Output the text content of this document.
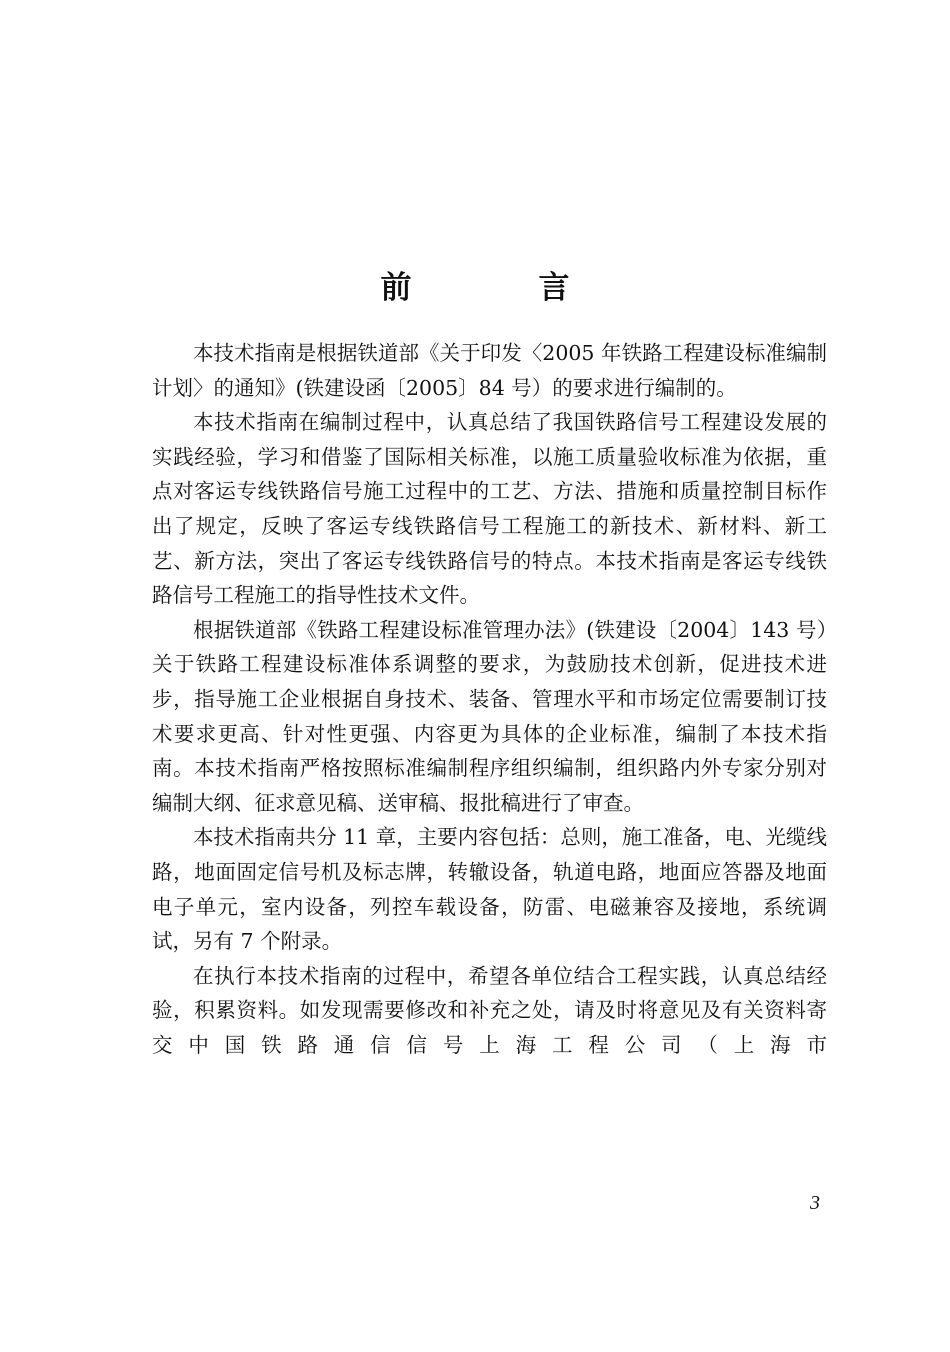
前　言

本技术指南是根据铁道部《关于印发〈2005 年铁路工程建设标准编制计划〉的通知》(铁建设函〔2005〕84 号）的要求进行编制的。

本技术指南在编制过程中，认真总结了我国铁路信号工程建设发展的实践经验，学习和借鉴了国际相关标准，以施工质量验收标准为依据，重点对客运专线铁路信号施工过程中的工艺、方法、措施和质量控制目标作出了规定，反映了客运专线铁路信号工程施工的新技术、新材料、新工艺、新方法，突出了客运专线铁路信号的特点。本技术指南是客运专线铁路信号工程施工的指导性技术文件。

根据铁道部《铁路工程建设标准管理办法》(铁建设〔2004〕143 号）关于铁路工程建设标准体系调整的要求，为鼓励技术创新，促进技术进步，指导施工企业根据自身技术、装备、管理水平和市场定位需要制订技术要求更高、针对性更强、内容更为具体的企业标准，编制了本技术指南。本技术指南严格按照标准编制程序组织编制，组织路内外专家分别对编制大纲、征求意见稿、送审稿、报批稿进行了审查。

本技术指南共分 11 章，主要内容包括：总则，施工准备，电、光缆线路，地面固定信号机及标志牌，转辙设备，轨道电路，地面应答器及地面电子单元，室内设备，列控车载设备，防雷、电磁兼容及接地，系统调试，另有 7 个附录。

在执行本技术指南的过程中，希望各单位结合工程实践，认真总结经验，积累资料。如发现需要修改和补充之处，请及时将意见及有关资料寄交中国铁路通信信号上海工程公司（上海市

3
